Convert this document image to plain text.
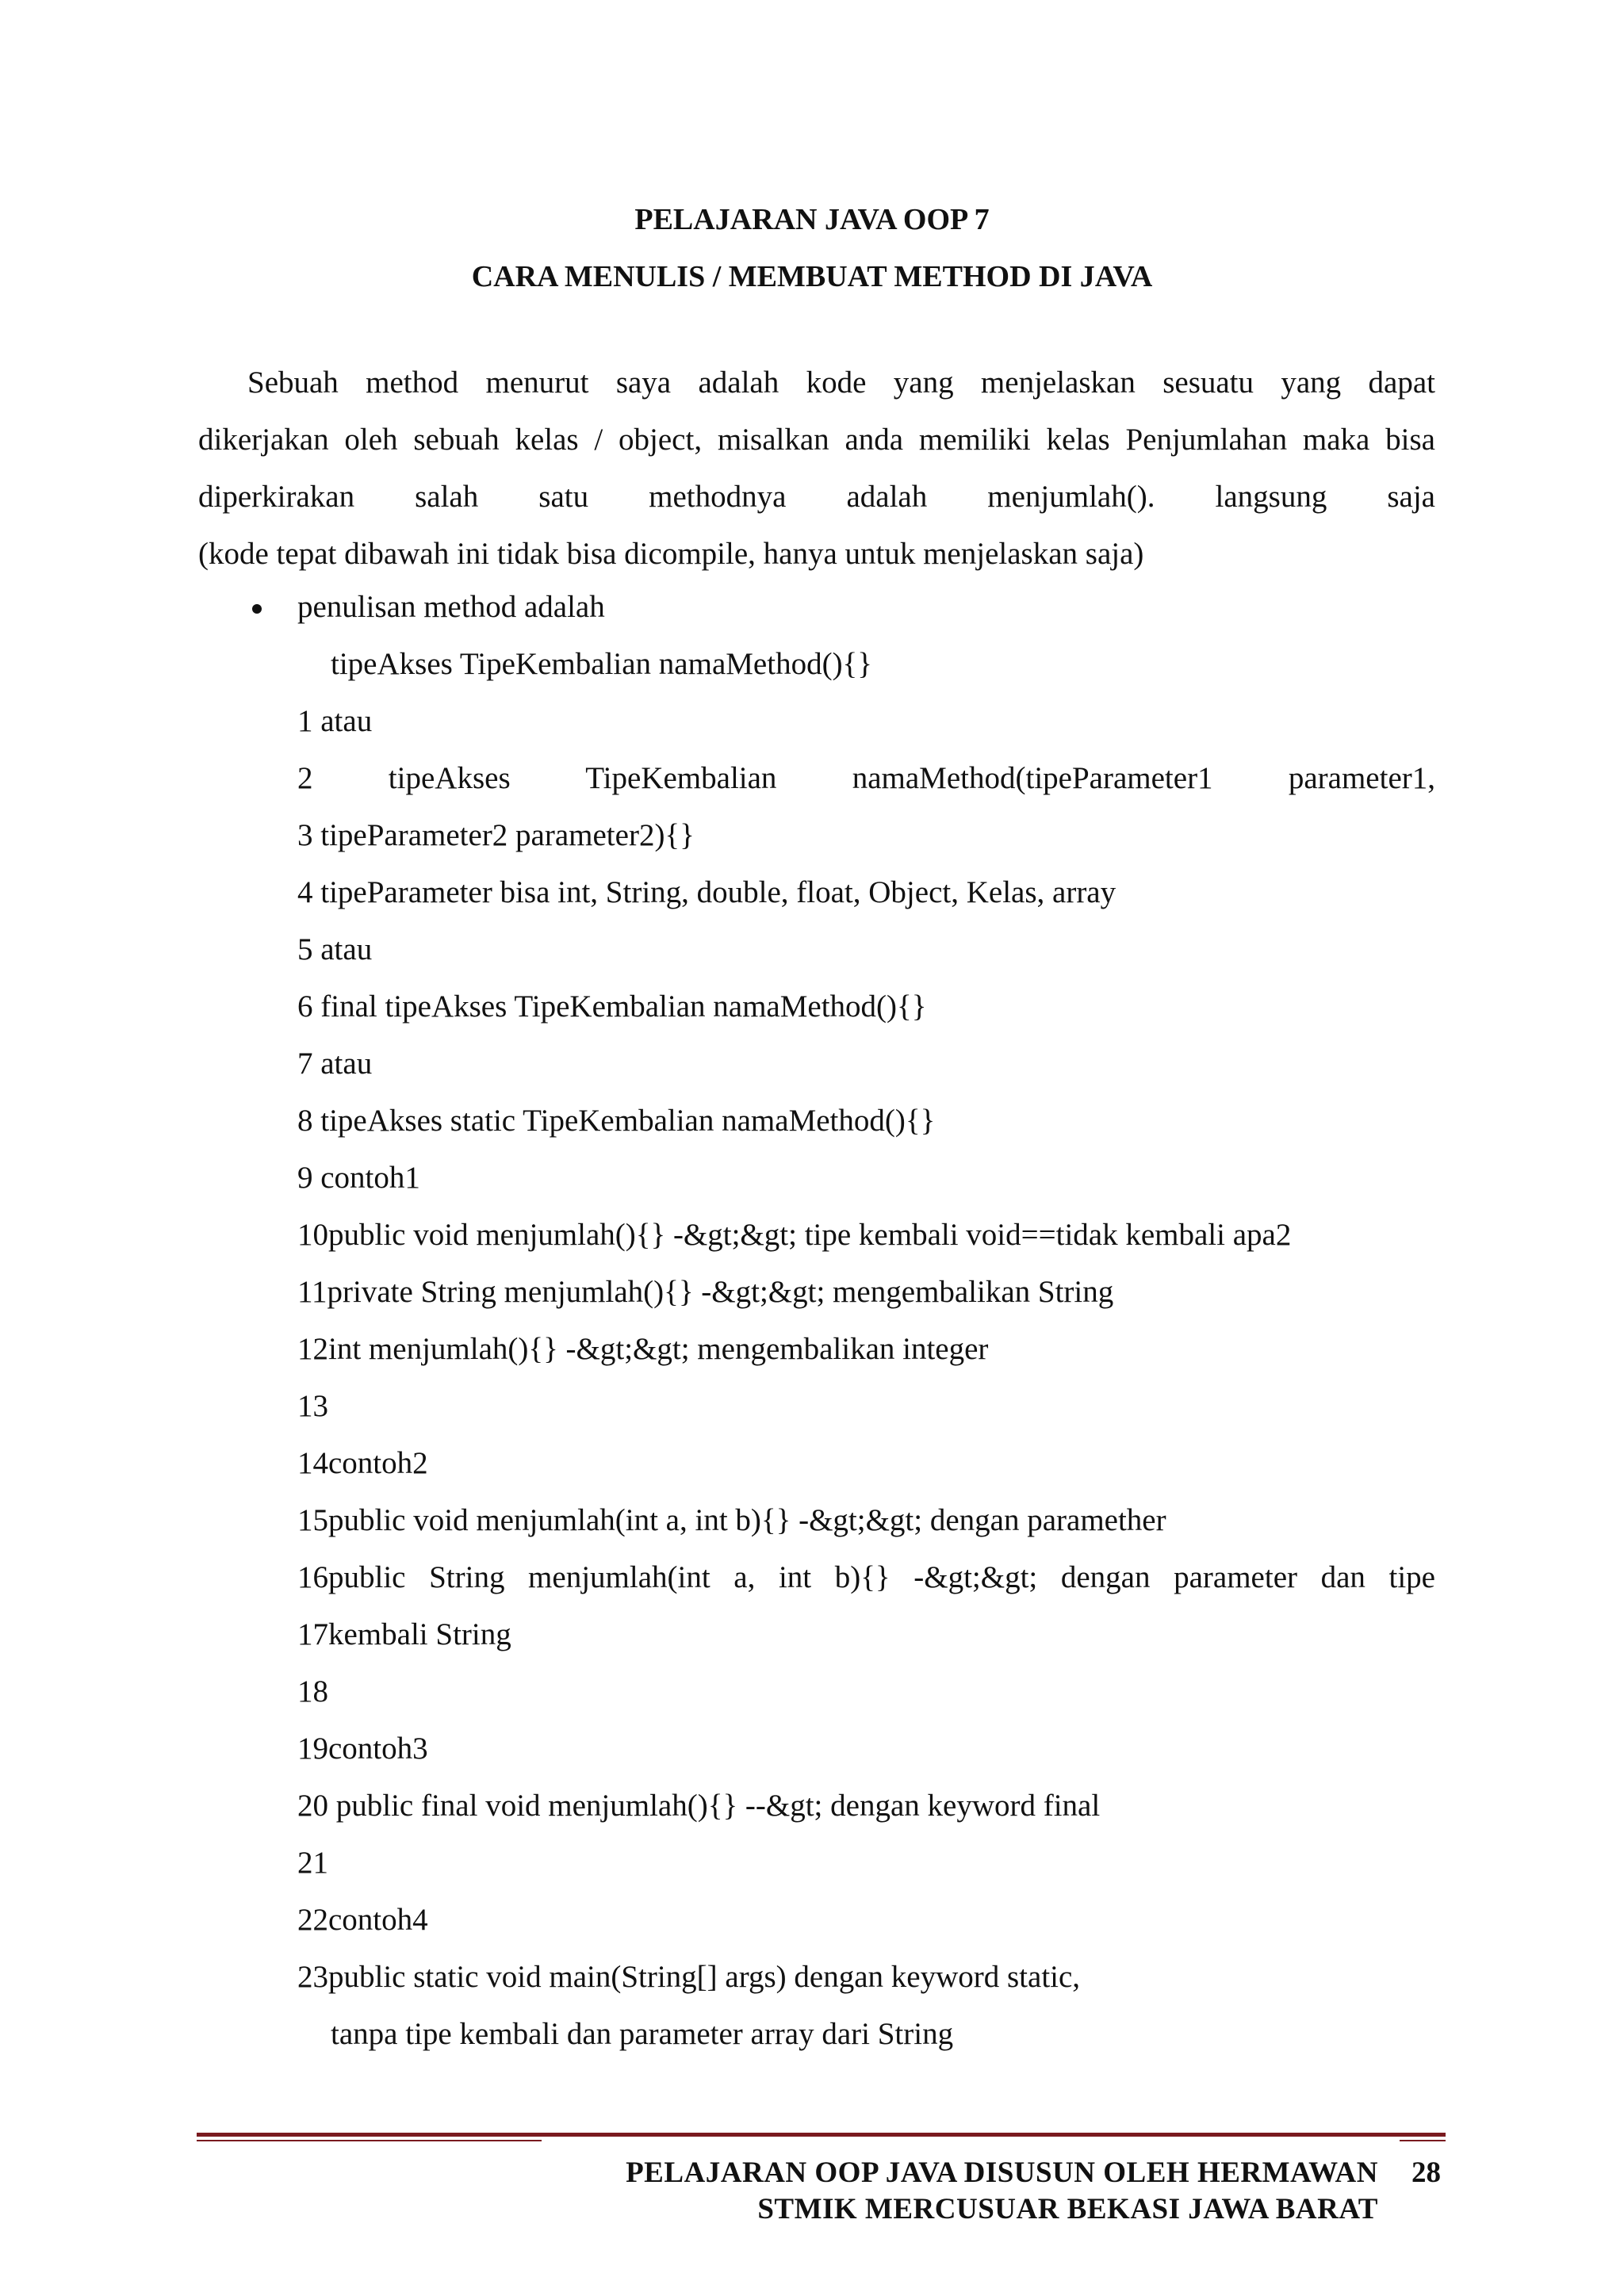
PELAJARAN JAVA OOP 7
CARA MENULIS / MEMBUAT METHOD DI JAVA
Sebuah method menurut saya adalah kode yang menjelaskan sesuatu yang dapat
dikerjakan oleh sebuah kelas / object, misalkan anda memiliki kelas Penjumlahan maka bisa
diperkirakan salah satu methodnya adalah menjumlah(). langsung saja
(kode tepat dibawah ini tidak bisa dicompile, hanya untuk menjelaskan saja)
penulisan method adalah
tipeAkses TipeKembalian namaMethod(){}
1 atau
2 tipeAkses TipeKembalian namaMethod(tipeParameter1 parameter1,
3 tipeParameter2 parameter2){}
4 tipeParameter bisa int, String, double, float, Object, Kelas, array
5 atau
6 final tipeAkses TipeKembalian namaMethod(){}
7 atau
8 tipeAkses static TipeKembalian namaMethod(){}
9 contoh1
10public void menjumlah(){} -&gt;&gt; tipe kembali void==tidak kembali apa2
11private String menjumlah(){} -&gt;&gt; mengembalikan String
12int menjumlah(){} -&gt;&gt; mengembalikan integer
13
14contoh2
15public void menjumlah(int a, int b){} -&gt;&gt; dengan paramether
16public String menjumlah(int a, int b){} -&gt;&gt; dengan parameter dan tipe
17kembali String
18
19contoh3
20 public final void menjumlah(){} --&gt; dengan keyword final
21
22contoh4
23public static void main(String[] args) dengan keyword static,
tanpa tipe kembali dan parameter array dari String
PELAJARAN OOP JAVA DISUSUN OLEH HERMAWAN
STMIK MERCUSUAR BEKASI JAWA BARAT
28
